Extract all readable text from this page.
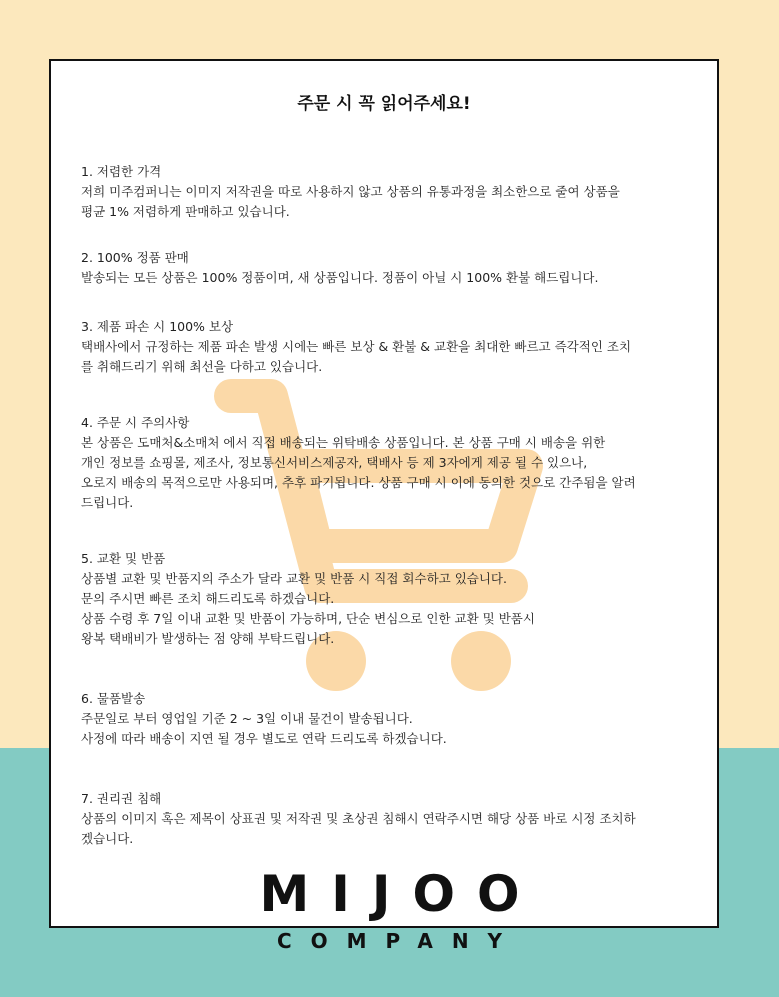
주문 시 꼭 읽어주세요!
1. 저렴한 가격
저희 미주컴퍼니는 이미지 저작권을 따로 사용하지 않고 상품의 유통과정을 최소한으로 줄여 상품을
평균 1% 저렴하게 판매하고 있습니다.
2. 100% 정품 판매
발송되는 모든 상품은 100% 정품이며, 새 상품입니다. 정품이 아닐 시 100% 환불 해드립니다.
3. 제품 파손 시 100% 보상
택배사에서 규정하는 제품 파손 발생 시에는 빠른 보상 & 환불 & 교환을 최대한 빠르고 즉각적인 조치
를 취해드리기 위해 최선을 다하고 있습니다.
4. 주문 시 주의사항
본 상품은 도매처&소매처 에서 직접 배송되는 위탁배송 상품입니다. 본 상품 구매 시 배송을 위한
개인 정보를 쇼핑몰, 제조사, 정보통신서비스제공자, 택배사 등 제 3자에게 제공 될 수 있으나,
오로지 배송의 목적으로만 사용되며, 추후 파기됩니다. 상품 구매 시 이에 동의한 것으로 간주됨을 알려
드립니다.
5. 교환 및 반품
상품별 교환 및 반품지의 주소가 달라 교환 및 반품 시 직접 회수하고 있습니다.
문의 주시면 빠른 조치 해드리도록 하겠습니다.
상품 수령 후 7일 이내 교환 및 반품이 가능하며, 단순 변심으로 인한 교환 및 반품시
왕복 택배비가 발생하는 점 양해 부탁드립니다.
6. 물품발송
주문일로 부터 영업일 기준 2 ~ 3일 이내 물건이 발송됩니다.
사정에 따라 배송이 지연 될 경우 별도로 연락 드리도록 하겠습니다.
7. 권리권 침해
상품의 이미지 혹은 제목이 상표권 및 저작권 및 초상권 침해시 연락주시면 해당 상품 바로 시정 조치하
겠습니다.
MIJOO
COMPANY
